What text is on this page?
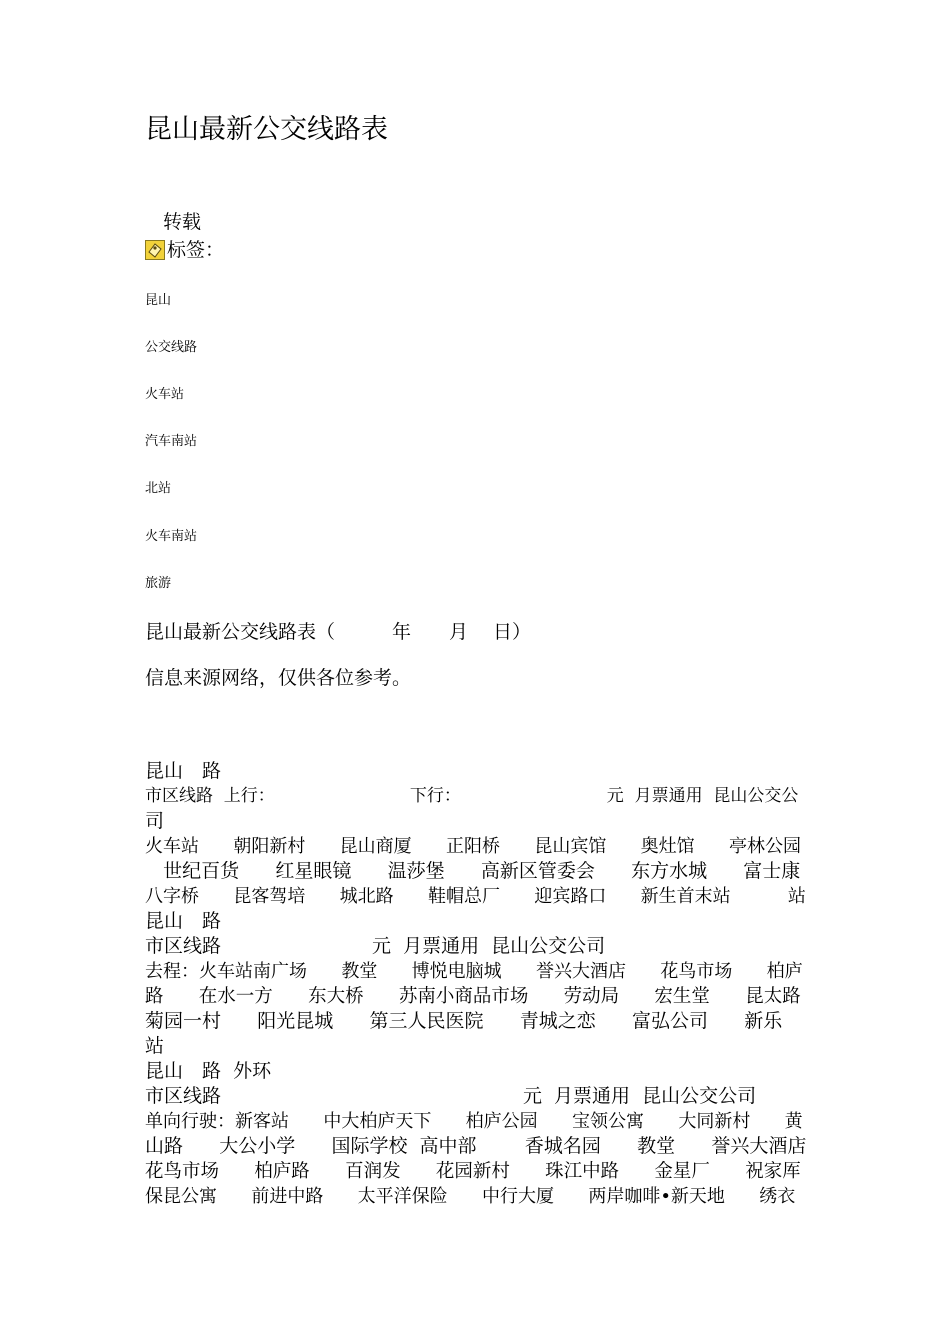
昆山最新公交线路表
转载
标签：
昆山
公交线路
火车站
汽车南站
北站
火车南站
旅游
昆山最新公交线路表（　　　年　　月　 日）
信息来源网络，仅供各位参考。
昆山　路
市区线路  上行：                         下行：                           元  月票通用  昆山公交公
司
火车站      朝阳新村      昆山商厦      正阳桥      昆山宾馆      奥灶馆      亭林公园
世纪百货      红星眼镜      温莎堡      高新区管委会      东方水城      富士康
八字桥      昆客驾培      城北路      鞋帽总厂      迎宾路口      新生首末站          站
昆山　路
市区线路                         元  月票通用  昆山公交公司
去程：火车站南广场      教堂      博悦电脑城      誉兴大酒店      花鸟市场      柏庐
路      在水一方      东大桥      苏南小商品市场      劳动局      宏生堂      昆太路
菊园一村      阳光昆城      第三人民医院      青城之恋      富弘公司      新乐
站
昆山　路  外环
市区线路                                                  元  月票通用  昆山公交公司
单向行驶：新客站      中大柏庐天下      柏庐公园      宝领公寓      大同新村      黄
山路      大公小学      国际学校  高中部        香城名园      教堂      誉兴大酒店
花鸟市场      柏庐路      百润发      花园新村      珠江中路      金星厂      祝家厍
保昆公寓      前进中路      太平洋保险      中行大厦      两岸咖啡•新天地      绣衣
